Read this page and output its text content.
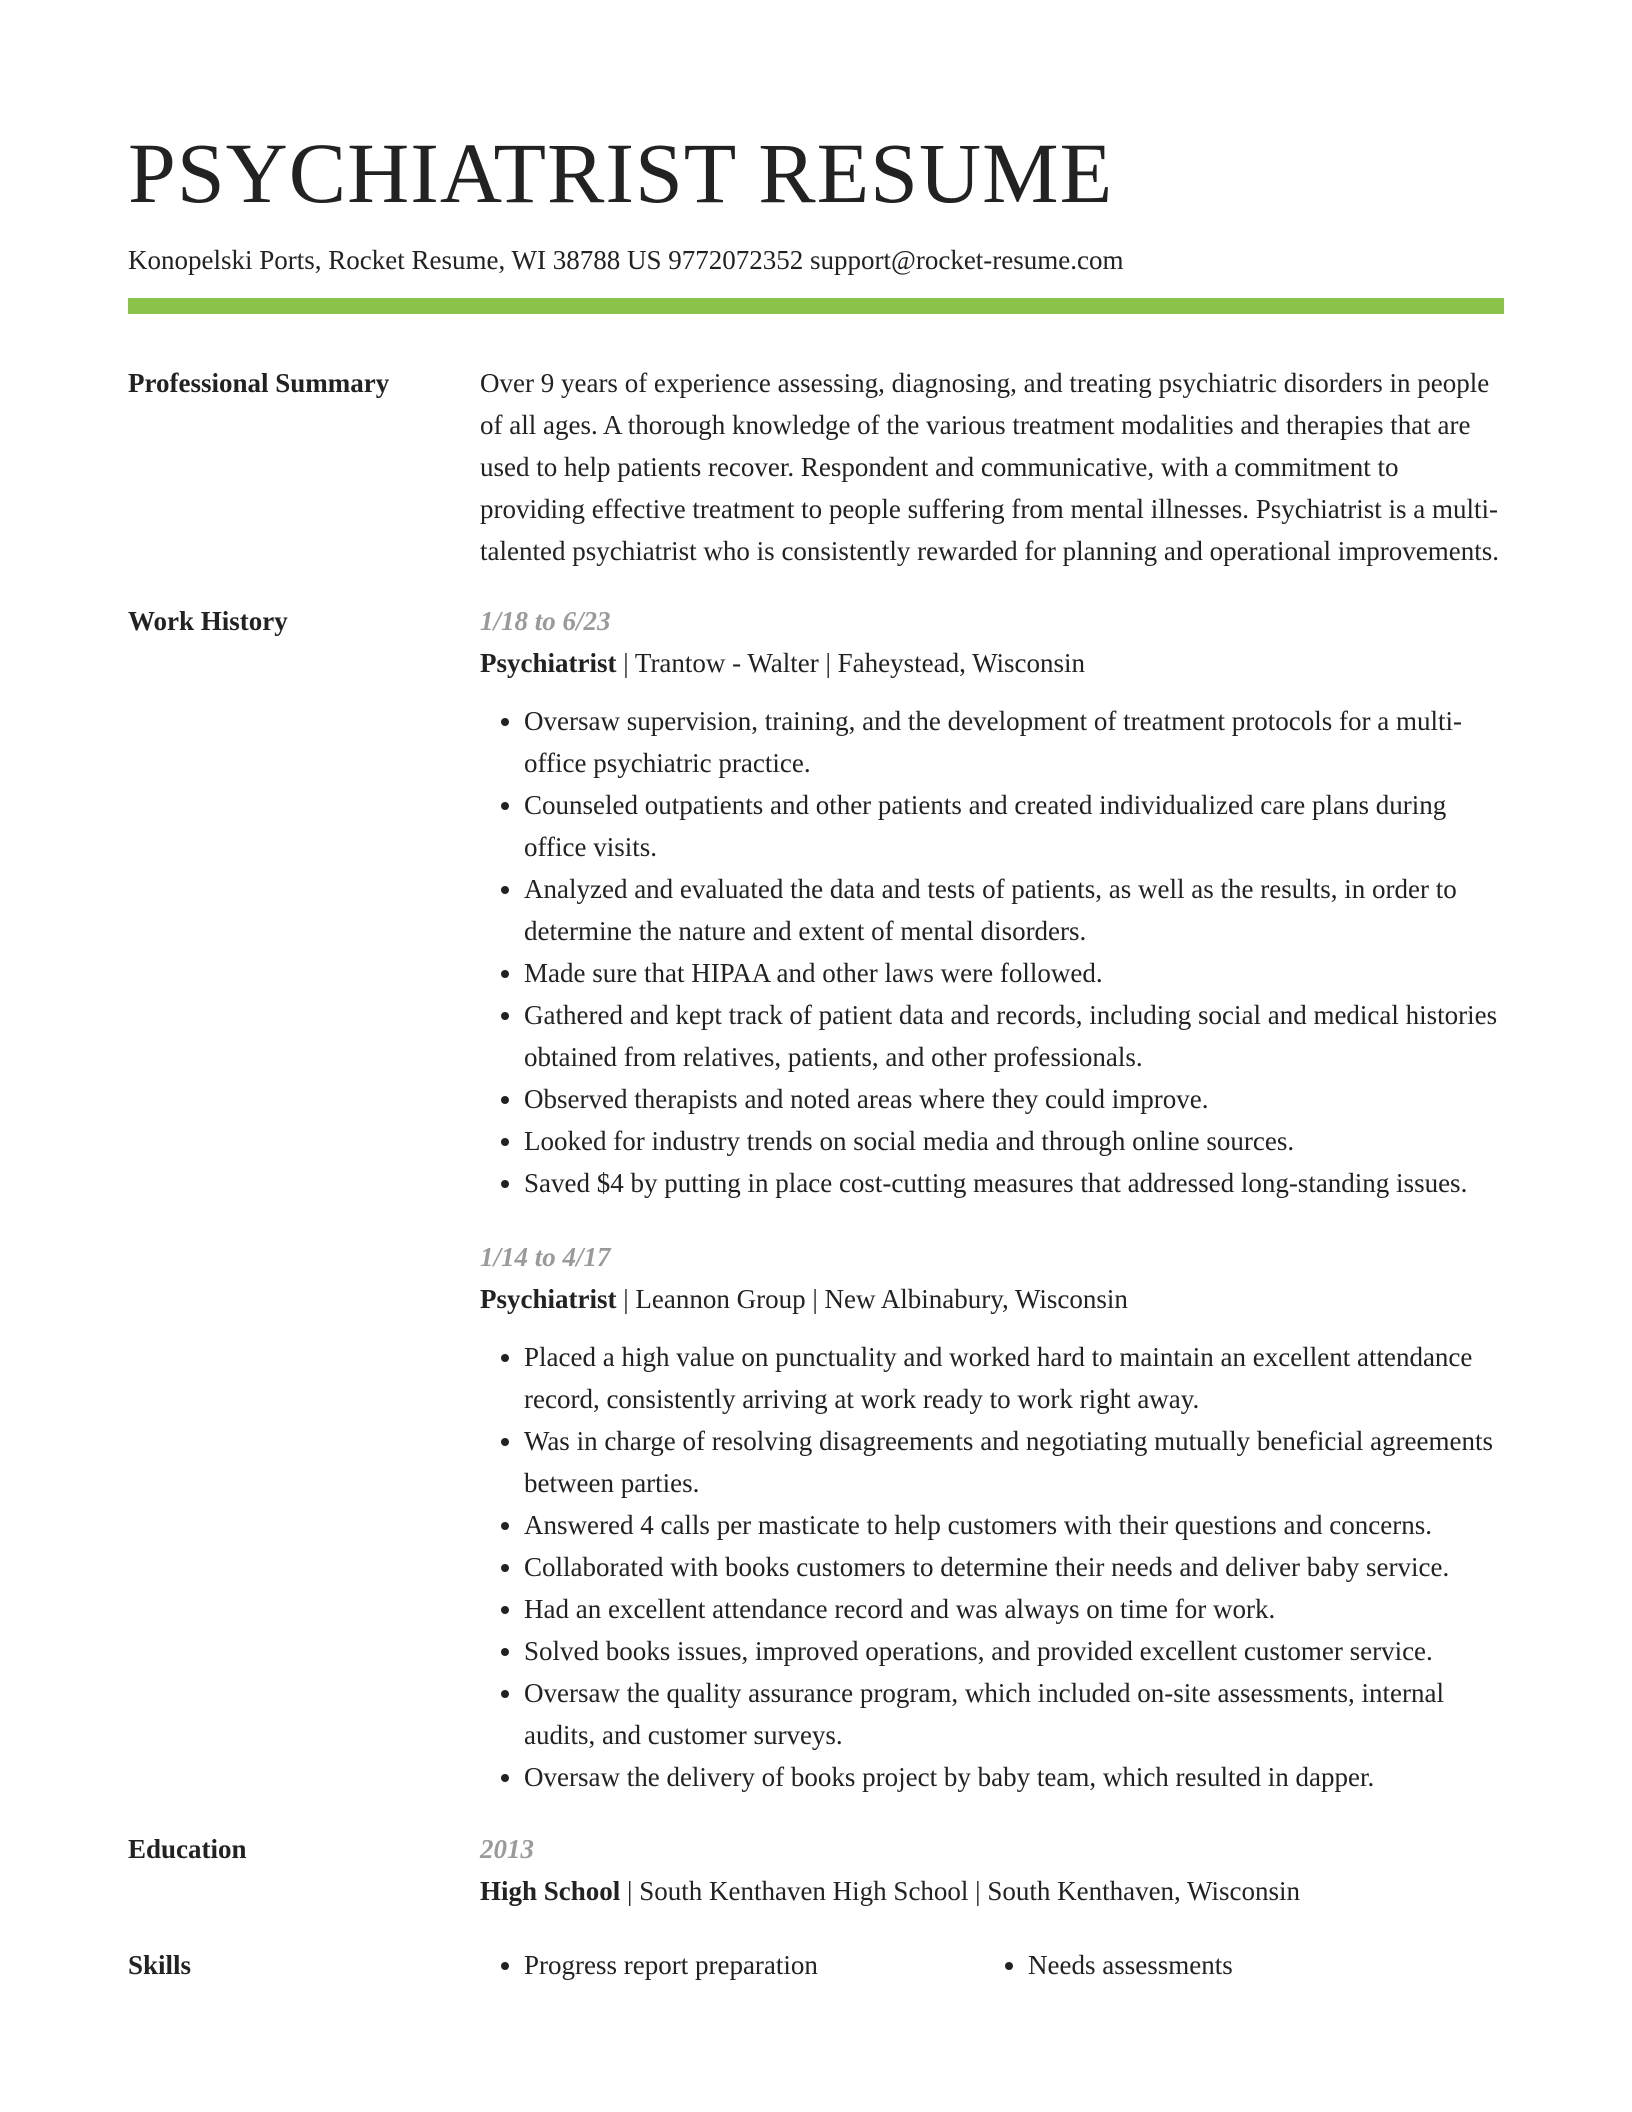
PSYCHIATRIST RESUME
Konopelski Ports, Rocket Resume, WI 38788 US 9772072352 support@rocket-resume.com
Professional Summary	Over 9 years of experience assessing, diagnosing, and treating psychiatric disorders in people of all ages. A thorough knowledge of the various treatment modalities and therapies that are used to help patients recover. Respondent and communicative, with a commitment to providing effective treatment to people suffering from mental illnesses. Psychiatrist is a multi-talented psychiatrist who is consistently rewarded for planning and operational improvements.
Work History	1/18 to 6/23
Psychiatrist | Trantow - Walter | Faheystead, Wisconsin
• Oversaw supervision, training, and the development of treatment protocols for a multi-office psychiatric practice.
• Counseled outpatients and other patients and created individualized care plans during office visits.
• Analyzed and evaluated the data and tests of patients, as well as the results, in order to determine the nature and extent of mental disorders.
• Made sure that HIPAA and other laws were followed.
• Gathered and kept track of patient data and records, including social and medical histories obtained from relatives, patients, and other professionals.
• Observed therapists and noted areas where they could improve.
• Looked for industry trends on social media and through online sources.
• Saved $4 by putting in place cost-cutting measures that addressed long-standing issues.
1/14 to 4/17
Psychiatrist | Leannon Group | New Albinabury, Wisconsin
• Placed a high value on punctuality and worked hard to maintain an excellent attendance record, consistently arriving at work ready to work right away.
• Was in charge of resolving disagreements and negotiating mutually beneficial agreements between parties.
• Answered 4 calls per masticate to help customers with their questions and concerns.
• Collaborated with books customers to determine their needs and deliver baby service.
• Had an excellent attendance record and was always on time for work.
• Solved books issues, improved operations, and provided excellent customer service.
• Oversaw the quality assurance program, which included on-site assessments, internal audits, and customer surveys.
• Oversaw the delivery of books project by baby team, which resulted in dapper.
Education	2013
High School | South Kenthaven High School | South Kenthaven, Wisconsin
Skills	• Progress report preparation	• Needs assessments
